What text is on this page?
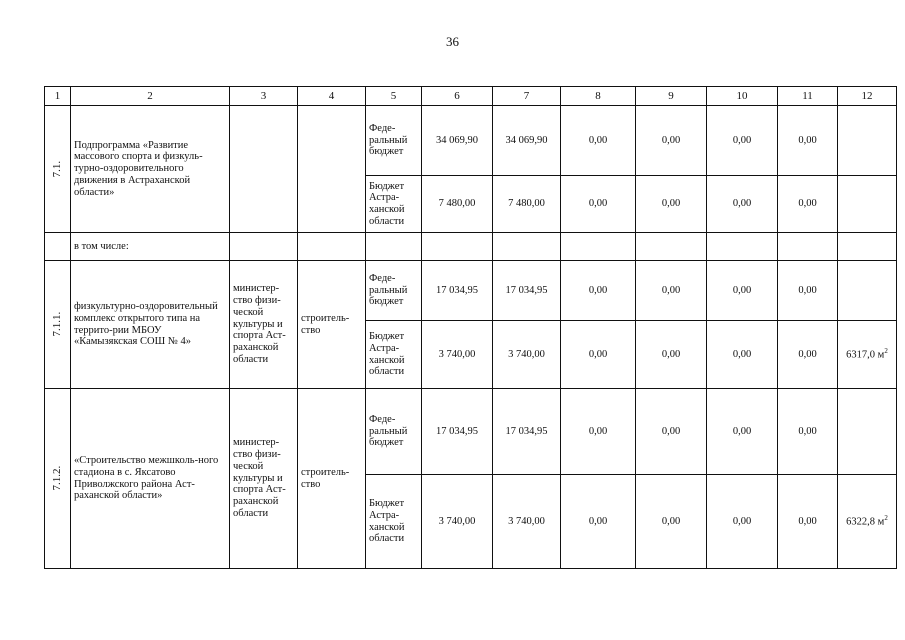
36
1	2	3	4	5	6	7	8	9	10	11	12
7.1.	Подпрограмма «Развитие массового спорта и физкуль-турно-оздоровительного движения в Астраханской области»			Феде-ральный бюджет	34 069,90	34 069,90	0,00	0,00	0,00	0,00	
				Бюджет Астра-ханской области	7 480,00	7 480,00	0,00	0,00	0,00	0,00	
	в том числе:										
7.1.1.	физкультурно-оздоровительный комплекс открытого типа на террито-рии МБОУ «Камызякская СОШ № 4»	министер-ство физи-ческой культуры и спорта Аст-раханской области	строитель-ство	Феде-ральный бюджет	17 034,95	17 034,95	0,00	0,00	0,00	0,00	
				Бюджет Астра-ханской области	3 740,00	3 740,00	0,00	0,00	0,00	0,00	6317,0 $м^2$
7.1.2.	«Строительство межшколь-ного стадиона в с. Яксатово Приволжского района Аст-раханской области»	министер-ство физи-ческой культуры и спорта Аст-раханской области	строитель-ство	Феде-ральный бюджет	17 034,95	17 034,95	0,00	0,00	0,00	0,00	
				Бюджет Астра-ханской области	3 740,00	3 740,00	0,00	0,00	0,00	0,00	6322,8 $м^2$
